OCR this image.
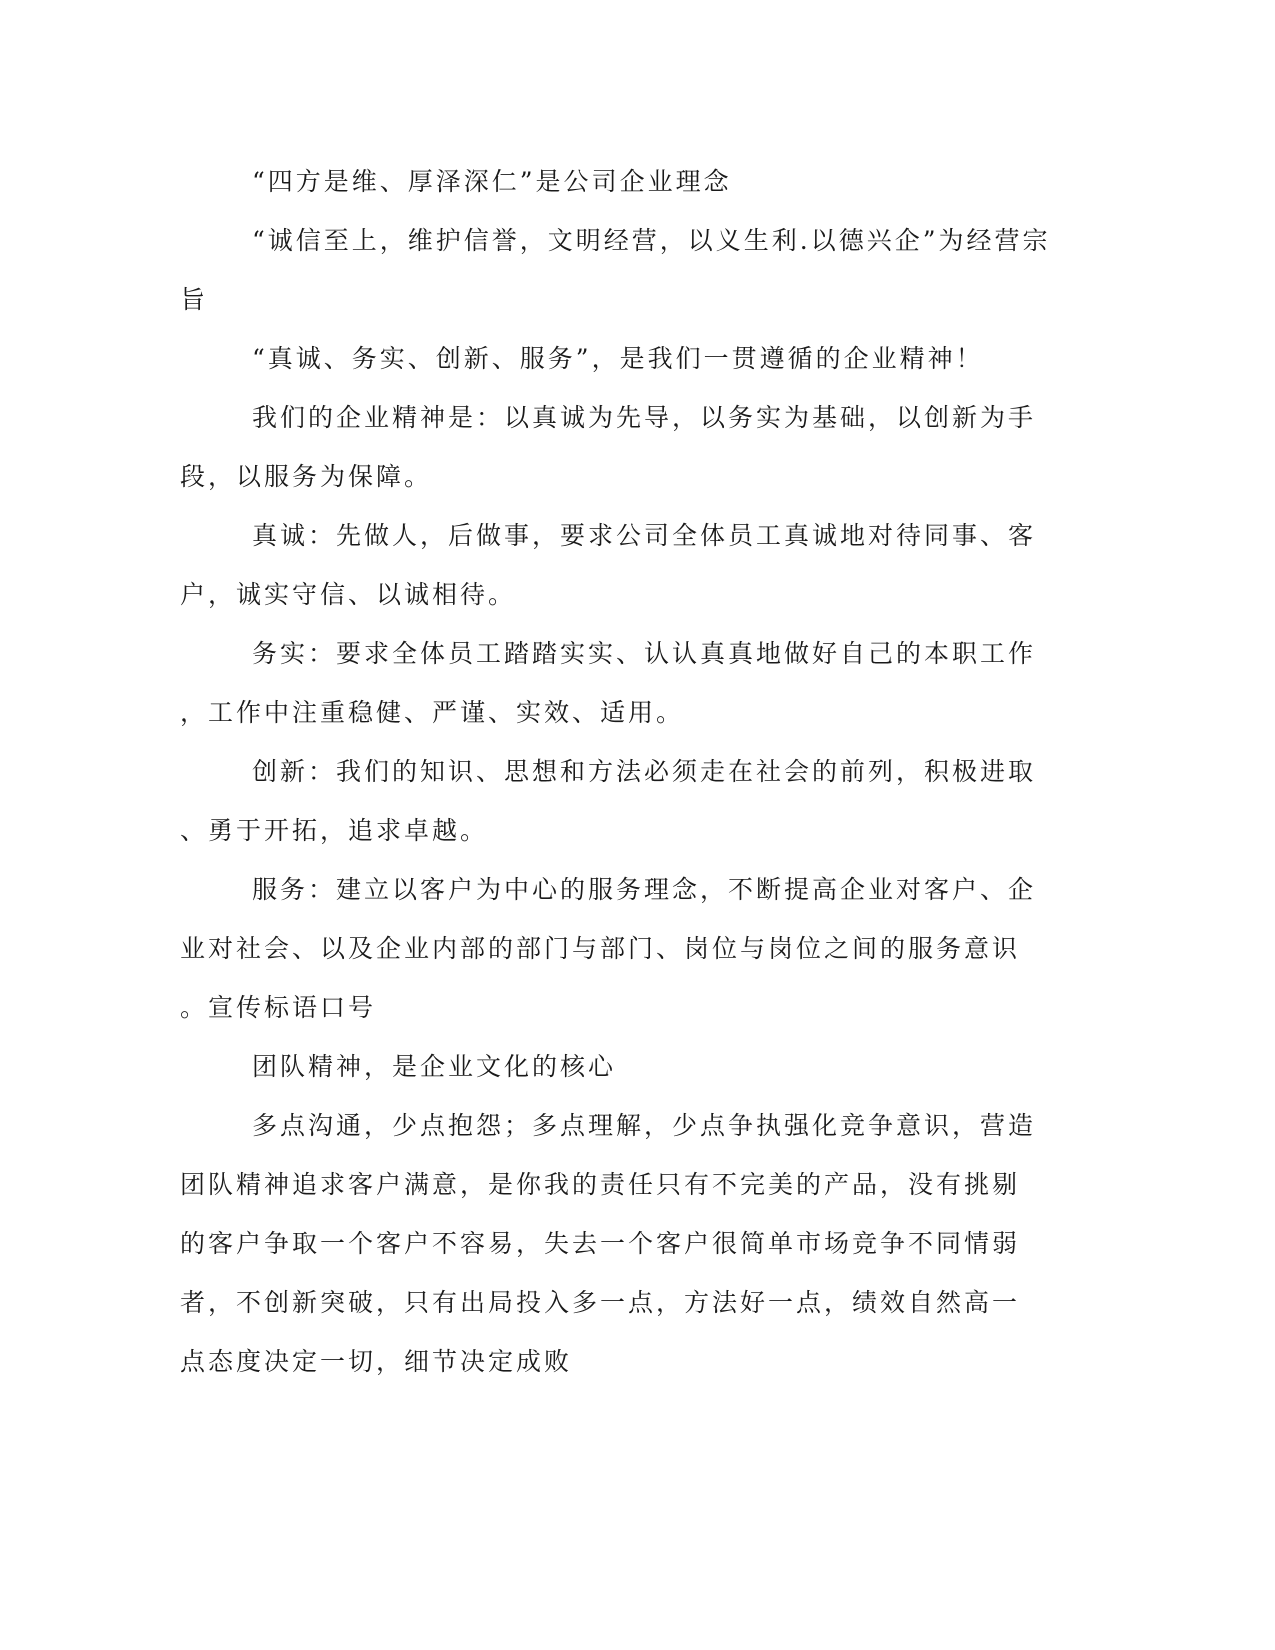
“四方是维、厚泽深仁”是公司企业理念
“诚信至上，维护信誉，文明经营，以义生利.以德兴企”为经营宗
旨
“真诚、务实、创新、服务”，是我们一贯遵循的企业精神！
我们的企业精神是：以真诚为先导，以务实为基础，以创新为手
段，以服务为保障。
真诚：先做人，后做事，要求公司全体员工真诚地对待同事、客
户，诚实守信、以诚相待。
务实：要求全体员工踏踏实实、认认真真地做好自己的本职工作
，工作中注重稳健、严谨、实效、适用。
创新：我们的知识、思想和方法必须走在社会的前列，积极进取
、勇于开拓，追求卓越。
服务：建立以客户为中心的服务理念，不断提高企业对客户、企
业对社会、以及企业内部的部门与部门、岗位与岗位之间的服务意识
。宣传标语口号
团队精神，是企业文化的核心
多点沟通，少点抱怨；多点理解，少点争执强化竞争意识，营造
团队精神追求客户满意，是你我的责任只有不完美的产品，没有挑剔
的客户争取一个客户不容易，失去一个客户很简单市场竞争不同情弱
者，不创新突破，只有出局投入多一点，方法好一点，绩效自然高一
点态度决定一切，细节决定成败
